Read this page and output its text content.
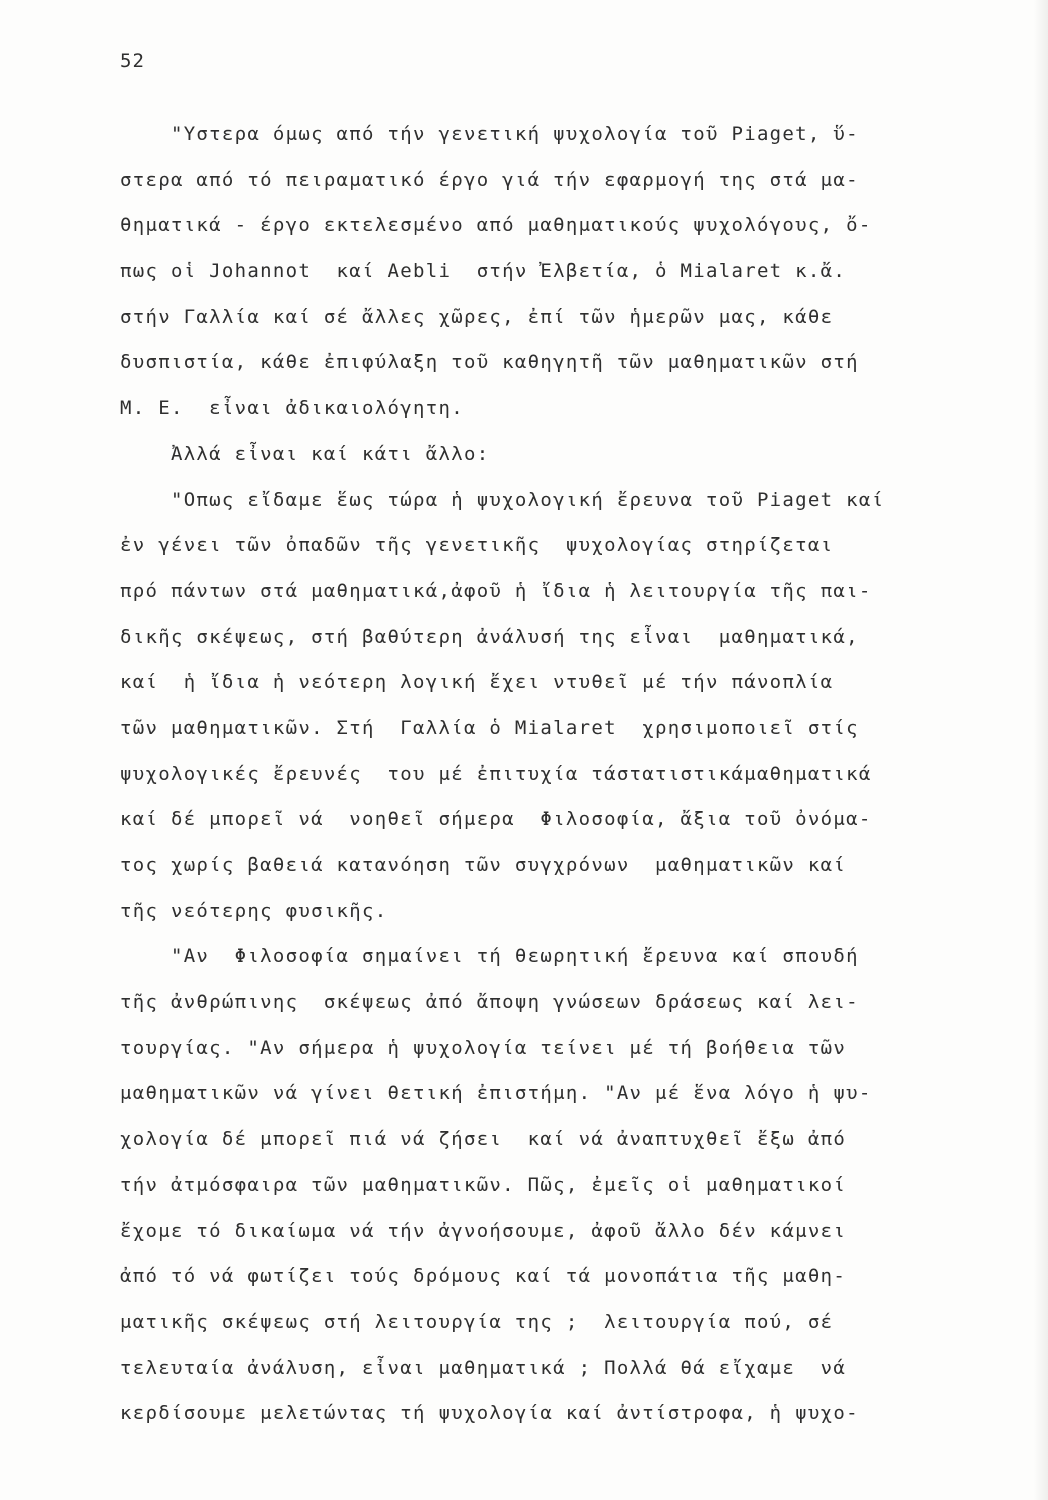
52
"Υστερα όμως από τήν γενετική ψυχολογία τοῦ Piaget, ὕ-
στερα από τό πειραματικό έργο γιά τήν εφαρμογή της στά μα-
θηματικά - έργο εκτελεσμένο από μαθηματικούς ψυχολόγους, ὄ-
πως οἱ Johannot  καί Aebli  στήν Ἐλβετία, ὁ Mialaret κ.ἄ.
στήν Γαλλία καί σέ ἄλλες χῶρες, ἐπί τῶν ἡμερῶν μας, κάθε
δυσπιστία, κάθε ἐπιφύλαξη τοῦ καθηγητῆ τῶν μαθηματικῶν στή
Μ. Ε.  εἶναι ἀδικαιολόγητη.
Ἀλλά εἶναι καί κάτι ἄλλο:
"Οπως εἴδαμε ἕως τώρα ἡ ψυχολογική ἔρευνα τοῦ Piaget καί
ἐν γένει τῶν ὀπαδῶν τῆς γενετικῆς  ψυχολογίας στηρίζεται
πρό πάντων στά μαθηματικά,ἀφοῦ ἡ ἴδια ἡ λειτουργία τῆς παι-
δικῆς σκέψεως, στή βαθύτερη ἀνάλυσή της εἶναι  μαθηματικά,
καί  ἡ ἴδια ἡ νεότερη λογική ἔχει ντυθεῖ μέ τήν πάνοπλία
τῶν μαθηματικῶν. Στή  Γαλλία ὁ Mialaret  χρησιμοποιεῖ στίς
ψυχολογικές ἔρευνές  του μέ ἐπιτυχία τάστατιστικάμαθηματικά
καί δέ μπορεῖ νά  νοηθεῖ σήμερα  Φιλοσοφία, ἄξια τοῦ ὀνόμα-
τος χωρίς βαθειά κατανόηση τῶν συγχρόνων  μαθηματικῶν καί
τῆς νεότερης φυσικῆς.
"Αν  Φιλοσοφία σημαίνει τή θεωρητική ἔρευνα καί σπουδή
τῆς ἀνθρώπινης  σκέψεως ἀπό ἄποψη γνώσεων δράσεως καί λει-
τουργίας. "Αν σήμερα ἡ ψυχολογία τείνει μέ τή βοήθεια τῶν
μαθηματικῶν νά γίνει θετική ἐπιστήμη. "Αν μέ ἕνα λόγο ἡ ψυ-
χολογία δέ μπορεῖ πιά νά ζήσει  καί νά ἀναπτυχθεῖ ἔξω ἀπό
τήν ἀτμόσφαιρα τῶν μαθηματικῶν. Πῶς, ἐμεῖς οἱ μαθηματικοί
ἔχομε τό δικαίωμα νά τήν ἀγνοήσουμε, ἀφοῦ ἄλλο δέν κάμνει
ἀπό τό νά φωτίζει τούς δρόμους καί τά μονοπάτια τῆς μαθη-
ματικῆς σκέψεως στή λειτουργία της ;  λειτουργία πού, σέ
τελευταία ἀνάλυση, εἶναι μαθηματικά ; Πολλά θά εἴχαμε  νά
κερδίσουμε μελετώντας τή ψυχολογία καί ἀντίστροφα, ἡ ψυχο-
